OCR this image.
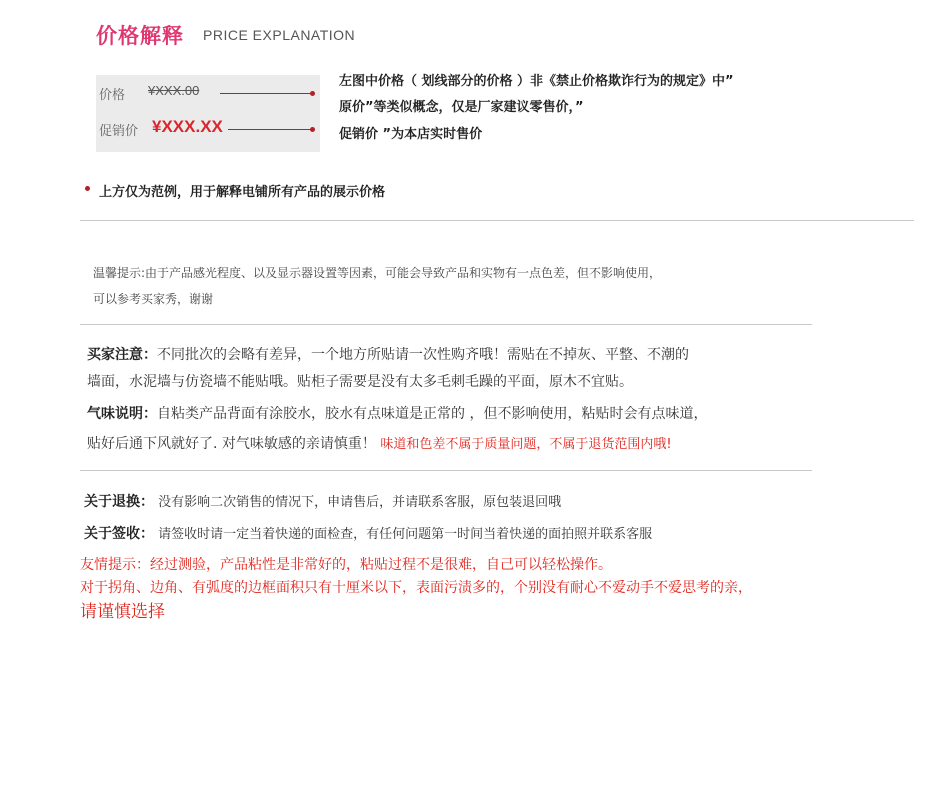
价格解释 PRICE EXPLANATION
价格 ¥XXX.00
促销价 ¥XXX.XX
左图中价格（ 划线部分的价格 ）非《禁止价格欺诈行为的规定》中”
原价”等类似概念，仅是厂家建议零售价，”
促销价 ”为本店实时售价
上方仅为范例，用于解释电铺所有产品的展示价格
温馨提示:由于产品感光程度、以及显示器设置等因素，可能会导致产品和实物有一点色差，但不影响使用，
可以参考买家秀，谢谢
买家注意：不同批次的会略有差异，一个地方所贴请一次性购齐哦！需贴在不掉灰、平整、不潮的
墙面，水泥墙与仿瓷墙不能贴哦。贴柜子需要是没有太多毛刺毛躁的平面，原木不宜贴。
气味说明：自粘类产品背面有涂胶水，胶水有点味道是正常的 ，但不影响使用，粘贴时会有点味道，
贴好后通下风就好了. 对气味敏感的亲请慎重！ 味道和色差不属于质量问题，不属于退货范围内哦!
关于退换： 没有影响二次销售的情况下，申请售后，并请联系客服，原包装退回哦
关于签收： 请签收时请一定当着快递的面检查，有任何问题第一时间当着快递的面拍照并联系客服
友情提示：经过测验，产品粘性是非常好的，粘贴过程不是很难，自己可以轻松操作。
对于拐角、边角、有弧度的边框面积只有十厘米以下，表面污渍多的，个别没有耐心不爱动手不爱思考的亲，
请谨慎选择
